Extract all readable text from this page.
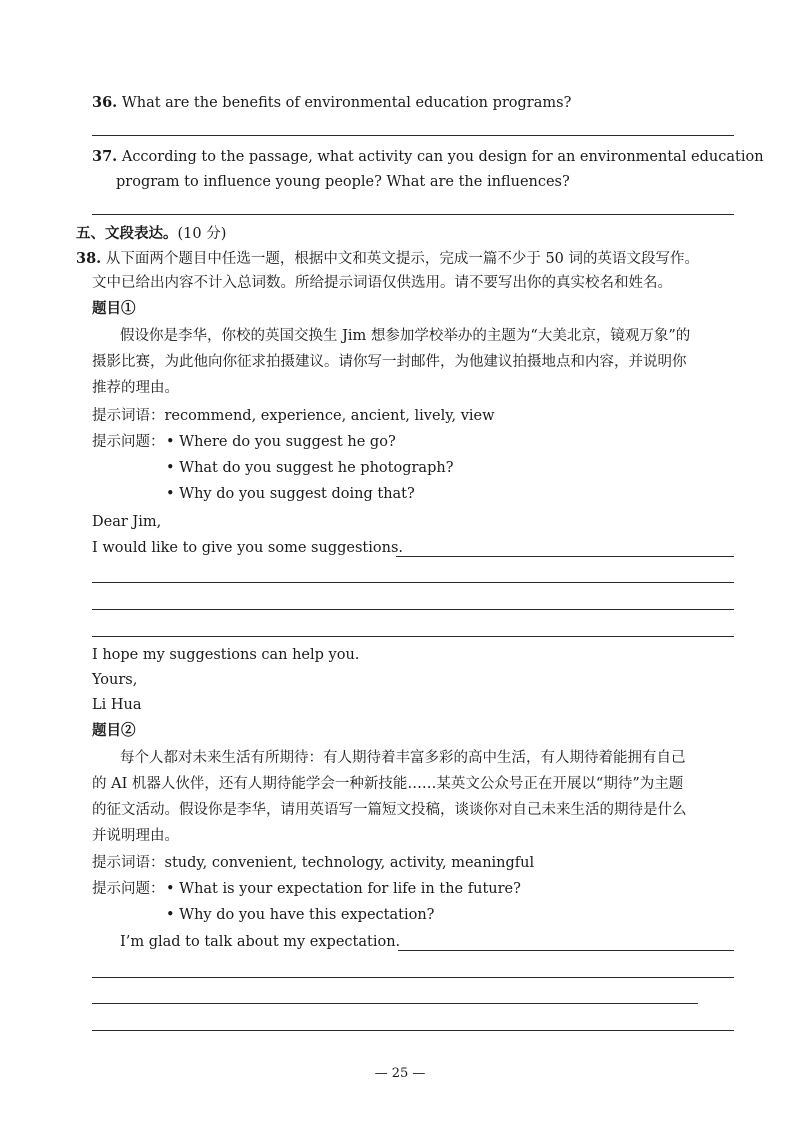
36. What are the benefits of environmental education programs?
37. According to the passage, what activity can you design for an environmental education
program to influence young people? What are the influences?
五、文段表达。(10 分)
38. 从下面两个题目中任选一题，根据中文和英文提示，完成一篇不少于 50 词的英语文段写作。
文中已给出内容不计入总词数。所给提示词语仅供选用。请不要写出你的真实校名和姓名。
题目①
假设你是李华，你校的英国交换生 Jim 想参加学校举办的主题为“大美北京，镜观万象”的
摄影比赛，为此他向你征求拍摄建议。请你写一封邮件，为他建议拍摄地点和内容，并说明你
推荐的理由。
提示词语：recommend, experience, ancient, lively, view
提示问题： • Where do you suggest he go?
• What do you suggest he photograph?
• Why do you suggest doing that?
Dear Jim,
I would like to give you some suggestions.
I hope my suggestions can help you.
Yours,
Li Hua
题目②
每个人都对未来生活有所期待：有人期待着丰富多彩的高中生活，有人期待着能拥有自己
的 AI 机器人伙伴，还有人期待能学会一种新技能……某英文公众号正在开展以“期待”为主题
的征文活动。假设你是李华，请用英语写一篇短文投稿，谈谈你对自己未来生活的期待是什么
并说明理由。
提示词语：study, convenient, technology, activity, meaningful
提示问题： • What is your expectation for life in the future?
• Why do you have this expectation?
I’m glad to talk about my expectation.
— 25 —
